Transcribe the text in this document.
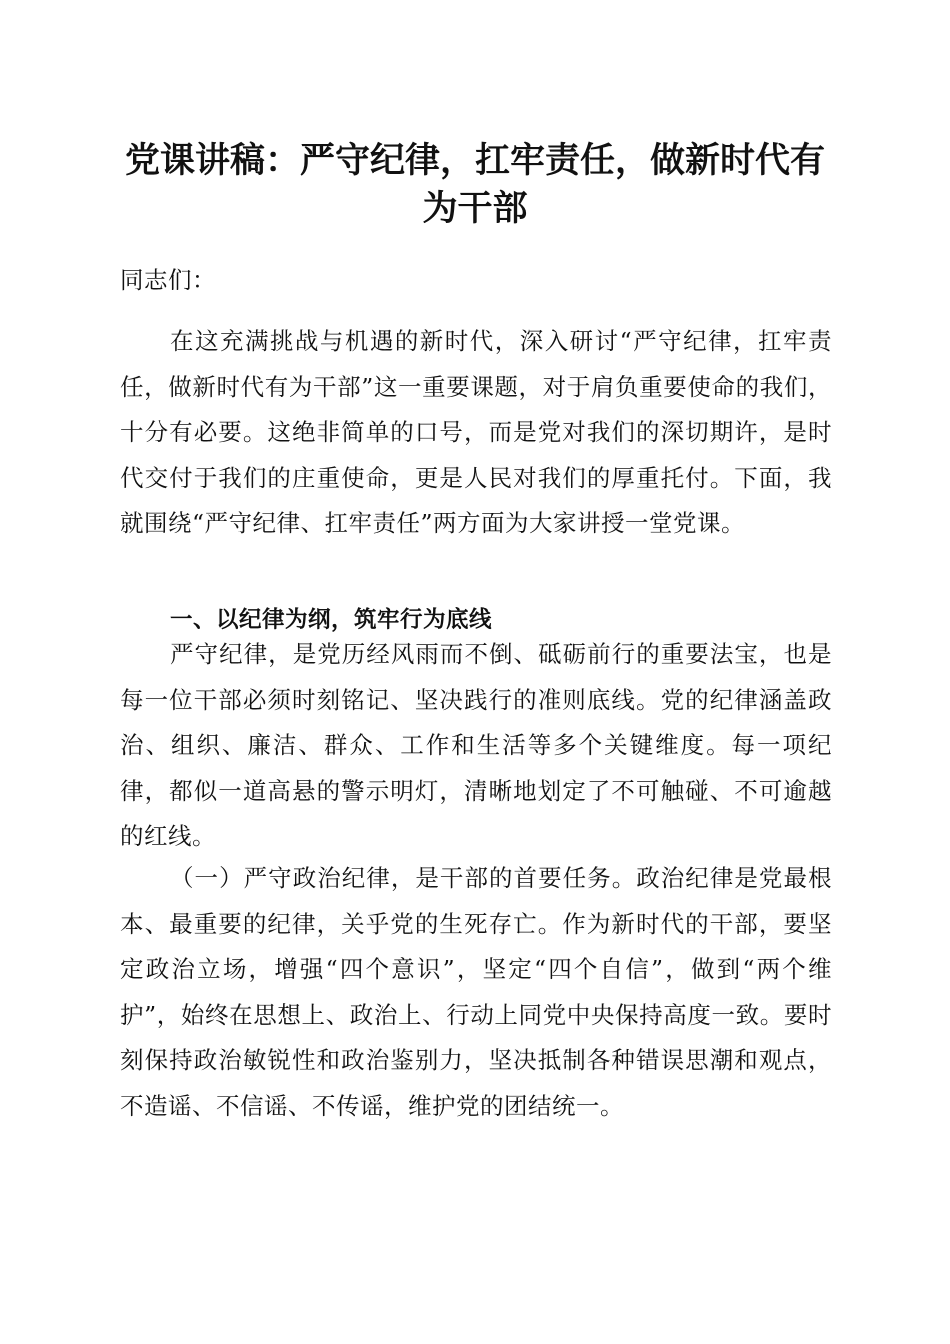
党课讲稿：严守纪律，扛牢责任，做新时代有
为干部

同志们：

在这充满挑战与机遇的新时代，深入研讨“严守纪律，扛牢责任，做新时代有为干部”这一重要课题，对于肩负重要使命的我们，十分有必要。这绝非简单的口号，而是党对我们的深切期许，是时代交付于我们的庄重使命，更是人民对我们的厚重托付。下面，我就围绕“严守纪律、扛牢责任”两方面为大家讲授一堂党课。

一、以纪律为纲，筑牢行为底线

严守纪律，是党历经风雨而不倒、砥砺前行的重要法宝，也是每一位干部必须时刻铭记、坚决践行的准则底线。党的纪律涵盖政治、组织、廉洁、群众、工作和生活等多个关键维度。每一项纪律，都似一道高悬的警示明灯，清晰地划定了不可触碰、不可逾越的红线。

（一）严守政治纪律，是干部的首要任务。政治纪律是党最根本、最重要的纪律，关乎党的生死存亡。作为新时代的干部，要坚定政治立场，增强“四个意识”，坚定“四个自信”，做到“两个维护”，始终在思想上、政治上、行动上同党中央保持高度一致。要时刻保持政治敏锐性和政治鉴别力，坚决抵制各种错误思潮和观点，不造谣、不信谣、不传谣，维护党的团结统一。
